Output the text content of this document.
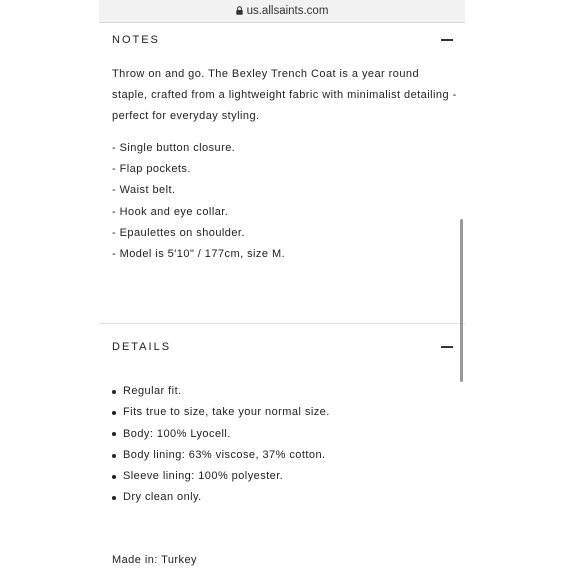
us.allsaints.com
NOTES

Throw on and go. The Bexley Trench Coat is a year round staple, crafted from a lightweight fabric with minimalist detailing - perfect for everyday styling.

- Single button closure.
- Flap pockets.
- Waist belt.
- Hook and eye collar.
- Epaulettes on shoulder.
- Model is 5'10" / 177cm, size M.
DETAILS
Regular fit.
Fits true to size, take your normal size.
Body: 100% Lyocell.
Body lining: 63% viscose, 37% cotton.
Sleeve lining: 100% polyester.
Dry clean only.
Made in: Turkey
